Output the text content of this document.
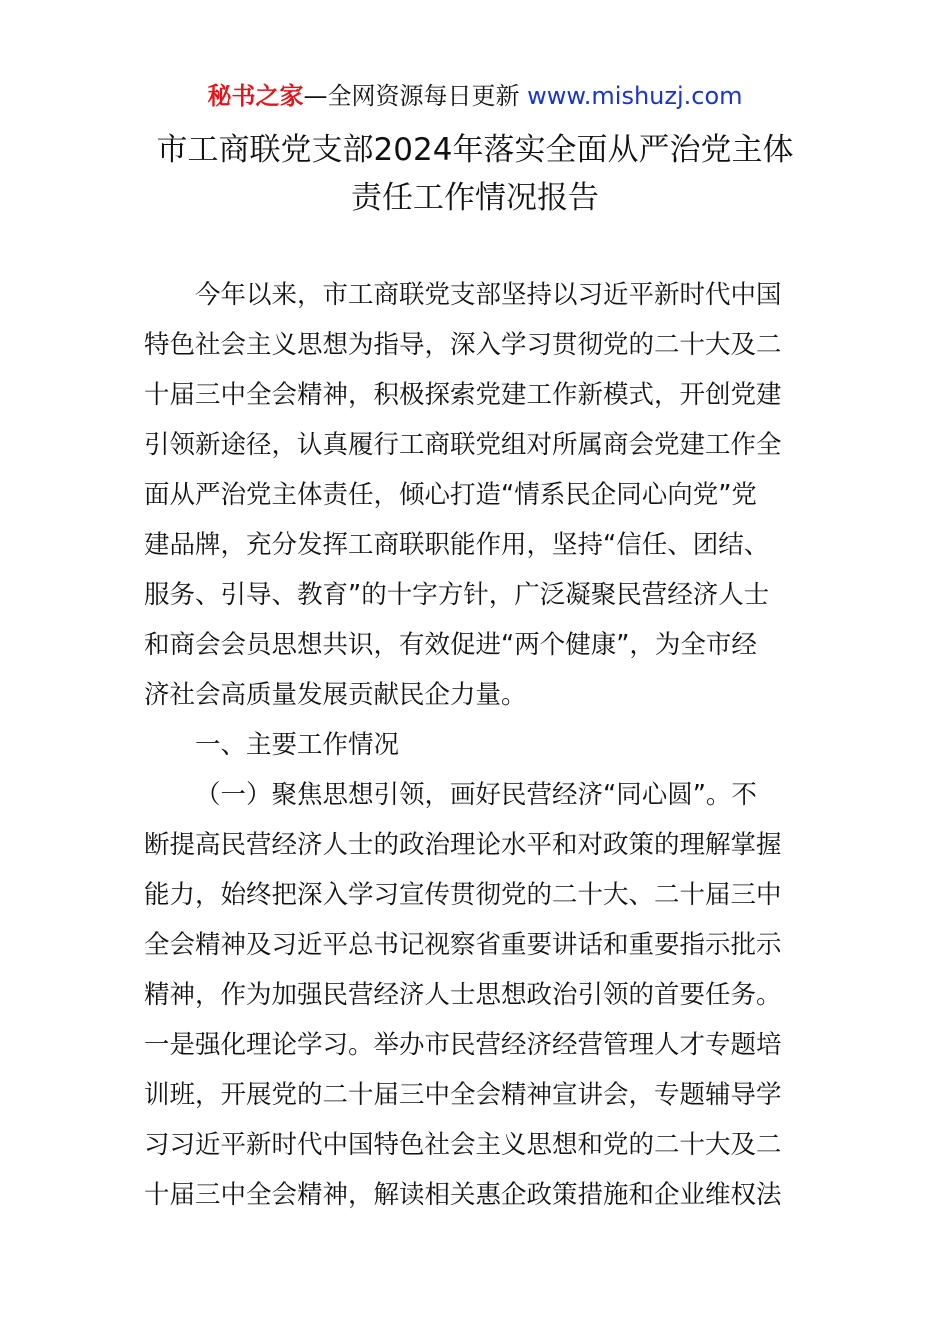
秘书之家—全网资源每日更新 www.mishuzj.com
市工商联党支部2024年落实全面从严治党主体
责任工作情况报告
今年以来，市工商联党支部坚持以习近平新时代中国
特色社会主义思想为指导，深入学习贯彻党的二十大及二
十届三中全会精神，积极探索党建工作新模式，开创党建
引领新途径，认真履行工商联党组对所属商会党建工作全
面从严治党主体责任，倾心打造“情系民企同心向党”党
建品牌，充分发挥工商联职能作用，坚持“信任、团结、
服务、引导、教育”的十字方针，广泛凝聚民营经济人士
和商会会员思想共识，有效促进“两个健康”，为全市经
济社会高质量发展贡献民企力量。
一、主要工作情况
（一）聚焦思想引领，画好民营经济“同心圆”。不
断提高民营经济人士的政治理论水平和对政策的理解掌握
能力，始终把深入学习宣传贯彻党的二十大、二十届三中
全会精神及习近平总书记视察省重要讲话和重要指示批示
精神，作为加强民营经济人士思想政治引领的首要任务。
一是强化理论学习。举办市民营经济经营管理人才专题培
训班，开展党的二十届三中全会精神宣讲会，专题辅导学
习习近平新时代中国特色社会主义思想和党的二十大及二
十届三中全会精神，解读相关惠企政策措施和企业维权法
